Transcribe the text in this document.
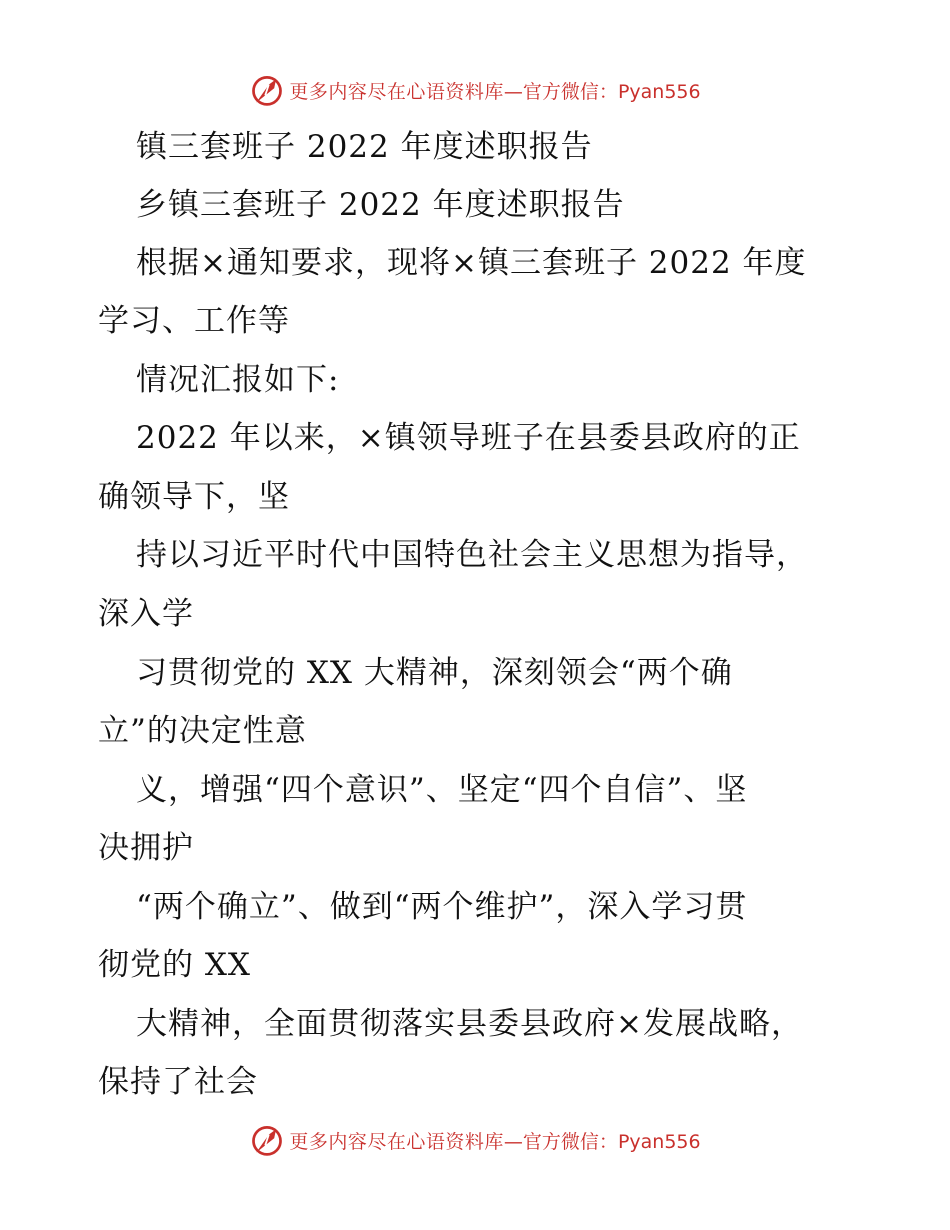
更多内容尽在心语资料库—官方微信：Pyan556
镇三套班子 2022 年度述职报告
乡镇三套班子 2022 年度述职报告
根据×通知要求，现将×镇三套班子 2022 年度
学习、工作等
情况汇报如下:
2022 年以来，×镇领导班子在县委县政府的正
确领导下，坚
持以习近平时代中国特色社会主义思想为指导，
深入学
习贯彻党的 XX 大精神，深刻领会“两个确
立”的决定性意
义，增强“四个意识”、坚定“四个自信”、坚
决拥护
“两个确立”、做到“两个维护”，深入学习贯
彻党的 XX
大精神，全面贯彻落实县委县政府×发展战略，
保持了社会
更多内容尽在心语资料库—官方微信：Pyan556
